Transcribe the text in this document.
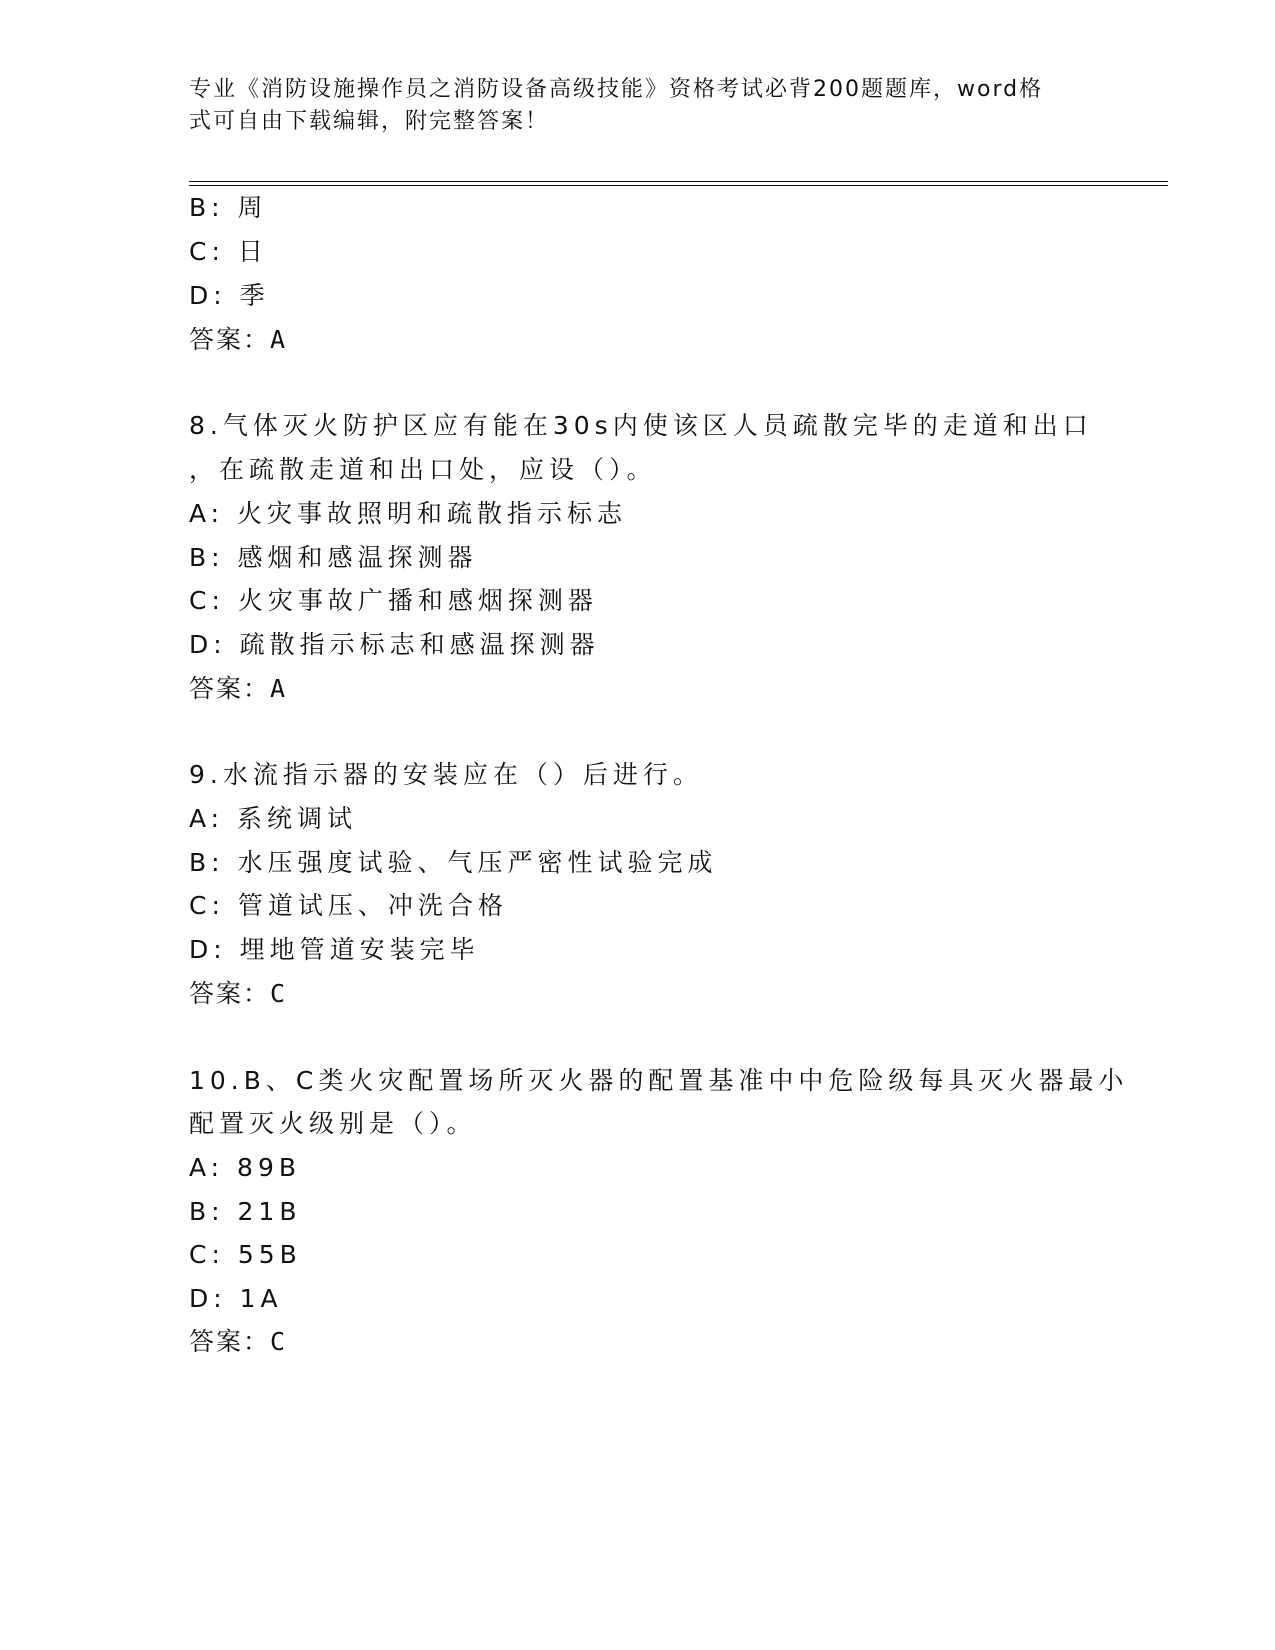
专业《消防设施操作员之消防设备高级技能》资格考试必背200题题库，word格
式可自由下载编辑，附完整答案！
B: 周
C: 日
D: 季
答案：A
8.气体灭火防护区应有能在30s内使该区人员疏散完毕的走道和出口
，在疏散走道和出口处，应设（）。
A: 火灾事故照明和疏散指示标志
B: 感烟和感温探测器
C: 火灾事故广播和感烟探测器
D: 疏散指示标志和感温探测器
答案：A
9.水流指示器的安装应在（）后进行。
A: 系统调试
B: 水压强度试验、气压严密性试验完成
C: 管道试压、冲洗合格
D: 埋地管道安装完毕
答案：C
10.B、C类火灾配置场所灭火器的配置基准中中危险级每具灭火器最小
配置灭火级别是（）。
A: 89B
B: 21B
C: 55B
D: 1A
答案：C
